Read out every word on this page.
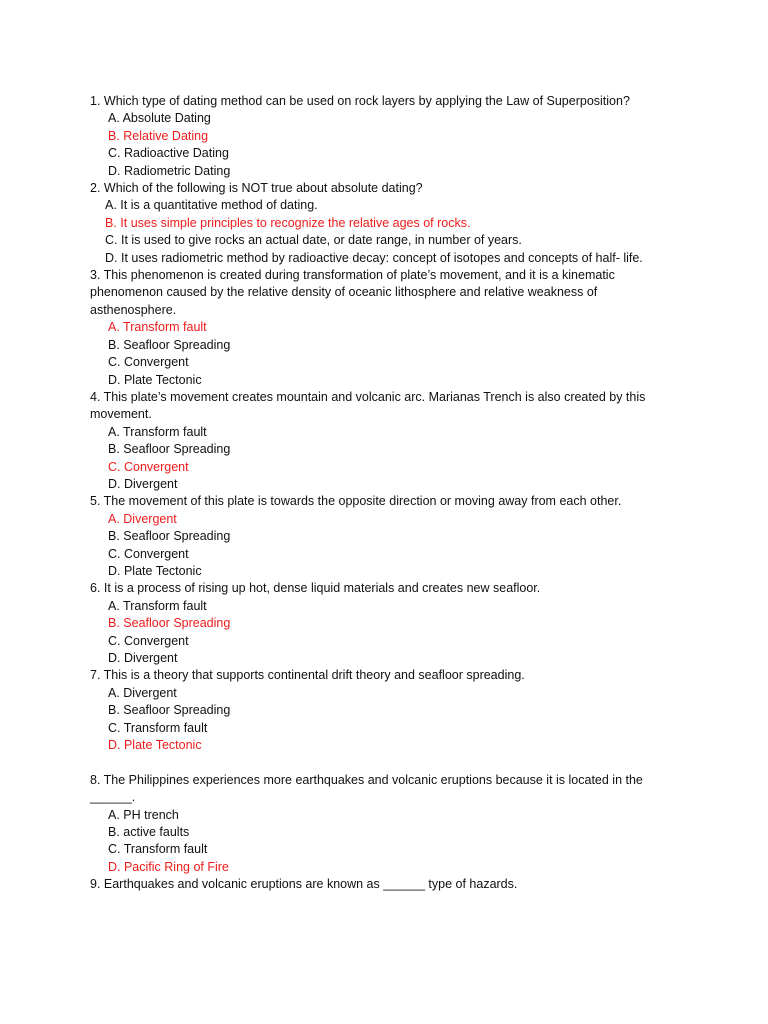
1. Which type of dating method can be used on rock layers by applying the Law of Superposition?
A. Absolute Dating
B. Relative Dating
C. Radioactive Dating
D. Radiometric Dating
2. Which of the following is NOT true about absolute dating?
A. It is a quantitative method of dating.
B. It uses simple principles to recognize the relative ages of rocks.
C. It is used to give rocks an actual date, or date range, in number of years.
D. It uses radiometric method by radioactive decay: concept of isotopes and concepts of half- life.
3. This phenomenon is created during transformation of plate’s movement, and it is a kinematic phenomenon caused by the relative density of oceanic lithosphere and relative weakness of asthenosphere.
A. Transform fault
B. Seafloor Spreading
C. Convergent
D. Plate Tectonic
4. This plate’s movement creates mountain and volcanic arc. Marianas Trench is also created by this movement.
A. Transform fault
B. Seafloor Spreading
C. Convergent
D. Divergent
5. The movement of this plate is towards the opposite direction or moving away from each other.
A. Divergent
B. Seafloor Spreading
C. Convergent
D. Plate Tectonic
6. It is a process of rising up hot, dense liquid materials and creates new seafloor.
A. Transform fault
B. Seafloor Spreading
C. Convergent
D. Divergent
7. This is a theory that supports continental drift theory and seafloor spreading.
A. Divergent
B. Seafloor Spreading
C. Transform fault
D. Plate Tectonic
8. The Philippines experiences more earthquakes and volcanic eruptions because it is located in the ______.
A. PH trench
B. active faults
C. Transform fault
D. Pacific Ring of Fire
9. Earthquakes and volcanic eruptions are known as ______ type of hazards.
